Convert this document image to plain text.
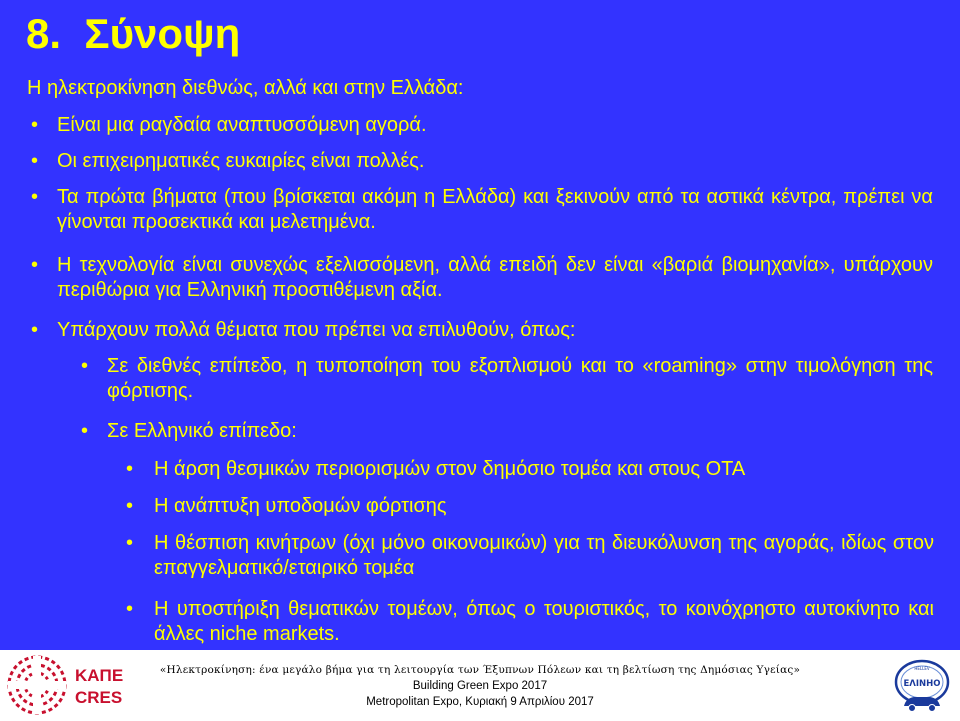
8.  Σύνοψη
Η ηλεκτροκίνηση διεθνώς, αλλά και στην Ελλάδα:
• Είναι μια ραγδαία αναπτυσσόμενη αγορά.
• Οι επιχειρηματικές ευκαιρίες είναι πολλές.
• Τα πρώτα βήματα (που βρίσκεται ακόμη η Ελλάδα) και ξεκινούν από τα αστικά κέντρα, πρέπει να γίνονται προσεκτικά και μελετημένα.
• Η τεχνολογία είναι συνεχώς εξελισσόμενη, αλλά επειδή δεν είναι «βαριά βιομηχανία», υπάρχουν περιθώρια για Ελληνική προστιθέμενη αξία.
• Υπάρχουν πολλά θέματα που πρέπει να επιλυθούν, όπως:
• Σε διεθνές επίπεδο, η τυποποίηση του εξοπλισμού και το «roaming» στην τιμολόγηση της φόρτισης.
• Σε Ελληνικό επίπεδο:
• Η άρση θεσμικών περιορισμών στον δημόσιο τομέα και στους ΟΤΑ
• Η ανάπτυξη υποδομών φόρτισης
• Η θέσπιση κινήτρων (όχι μόνο οικονομικών) για τη διευκόλυνση της αγοράς, ιδίως στον επαγγελματικό/εταιρικό τομέα
• Η υποστήριξη θεματικών τομέων, όπως ο τουριστικός, το κοινόχρηστο αυτοκίνητο και άλλες niche markets.
ΚΑΠΕ
CRES
«Ηλεκτροκίνηση: ένα μεγάλο βήμα για τη λειτουργία των Έξυπνων Πόλεων και τη βελτίωση της Δημόσιας Υγείας»
Building Green Expo 2017
Metropolitan Expo, Κυριακή 9 Απριλίου 2017
HELLEV
ΕΛΙΝΗΟ
